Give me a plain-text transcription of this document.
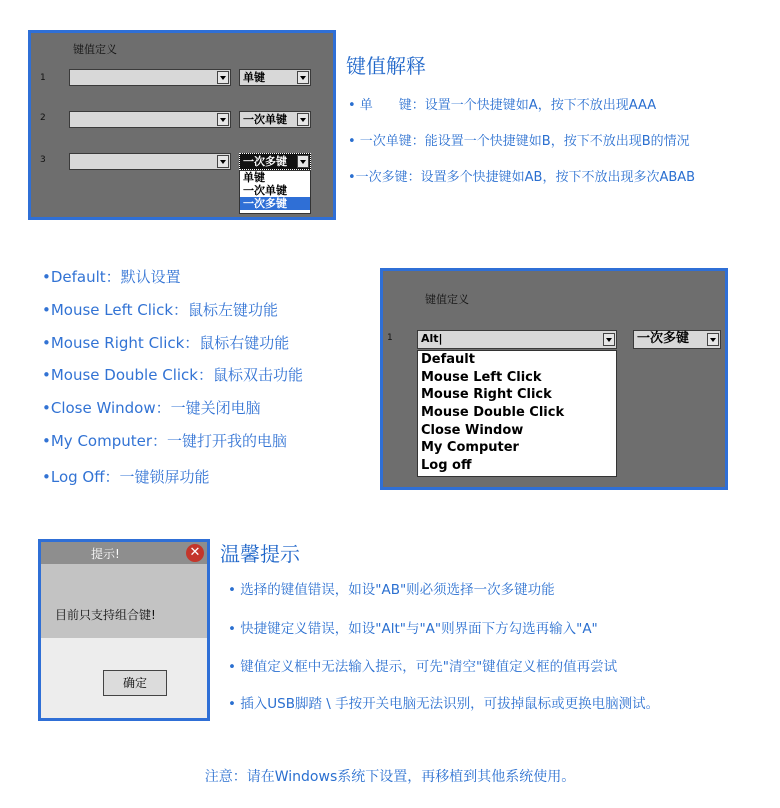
键值定义
1	单键
2	一次单键
3	一次多键
单键
一次单键
一次多键
键值解释
• 单　　键：设置一个快捷键如A，按下不放出现AAA
• 一次单键：能设置一个快捷键如B，按下不放出现B的情况
•一次多键：设置多个快捷键如AB，按下不放出现多次ABAB
•Default：默认设置
•Mouse Left Click：鼠标左键功能
•Mouse Right Click：鼠标右键功能
•Mouse Double Click：鼠标双击功能
•Close Window：一键关闭电脑
•My Computer：一键打开我的电脑
•Log Off：一键锁屏功能
键值定义
1	Alt|	一次多键
Default
Mouse Left Click
Mouse Right Click
Mouse Double Click
Close Window
My Computer
Log off
提示!	✕
目前只支持组合键!
确定
温馨提示
• 选择的键值错误，如设"AB"则必须选择一次多键功能
• 快捷键定义错误，如设"Alt"与"A"则界面下方勾选再输入"A"
• 键值定义框中无法输入提示，可先"清空"键值定义框的值再尝试
• 插入USB脚踏 \ 手按开关电脑无法识别，可拔掉鼠标或更换电脑测试。
注意：请在Windows系统下设置，再移植到其他系统使用。
